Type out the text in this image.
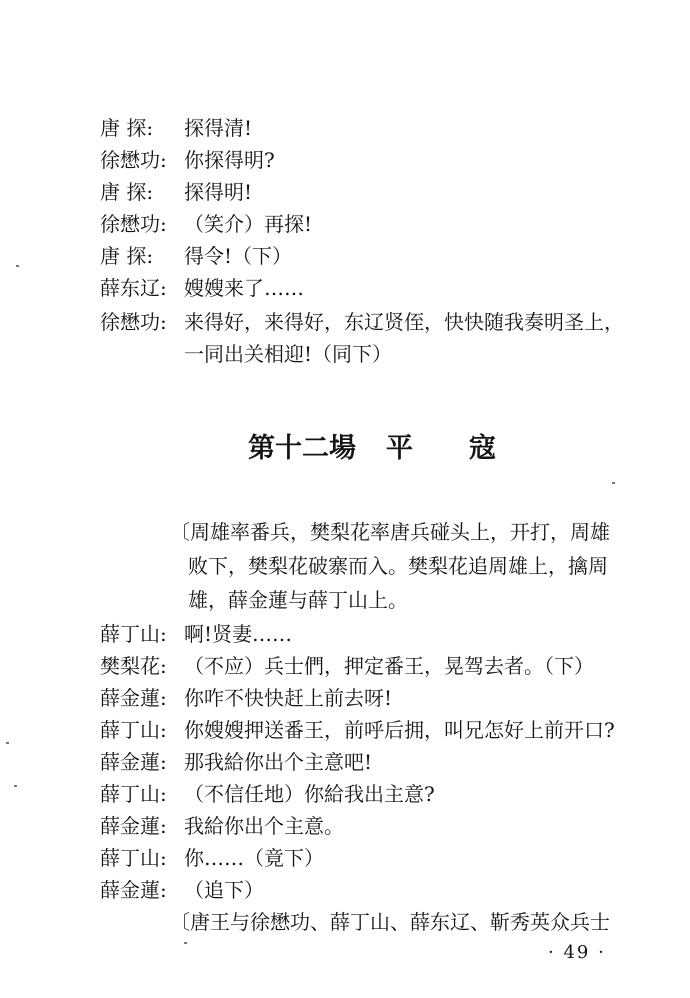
唐 探: 探得清!
徐懋功: 你探得明?
唐 探: 探得明!
徐懋功: （笑介）再探!
唐 探: 得令!（下）
薛东辽: 嫂嫂来了……
徐懋功: 来得好，来得好，东辽贤侄，快快随我奏明圣上，
一同出关相迎!（同下）
第十二場 平 寇
〔周雄率番兵，樊梨花率唐兵碰头上，开打，周雄
败下，樊梨花破寨而入。樊梨花追周雄上，擒周
雄，薛金蓮与薛丁山上。
薛丁山: 啊!贤妻……
樊梨花: （不应）兵士們，押定番王，晃驾去者。（下）
薛金蓮: 你咋不快快赶上前去呀!
薛丁山: 你嫂嫂押送番王，前呼后拥，叫兄怎好上前开口?
薛金蓮: 那我給你出个主意吧!
薛丁山: （不信任地）你給我出主意?
薛金蓮: 我給你出个主意。
薛丁山: 你……（竟下）
薛金蓮: （追下）
〔唐王与徐懋功、薛丁山、薛东辽、靳秀英众兵士
· 49 ·
